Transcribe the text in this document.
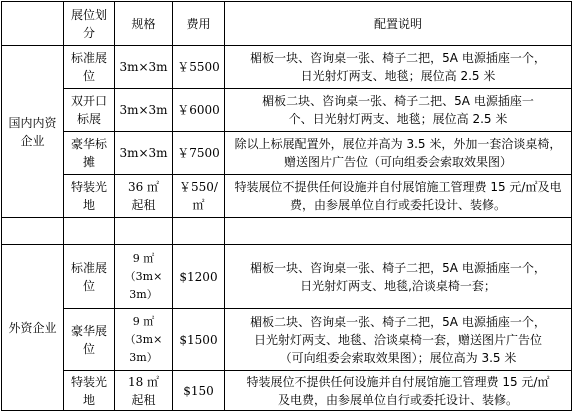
	展位划分	规格	费用	配置说明
国内内资企业	标准展位	3m×3m	￥5500	楣板一块、咨询桌一张、椅子二把，5A 电源插座一个，
日光射灯两支、地毯；展位高 2.5 米

	双开口标展	3m×3m	￥6000	楣板二块、咨询桌一张、椅子二把、5A 电源插座一
个、日光射灯两支、地毯；展位高 2.5 米

	豪华标摊	3m×3m	￥7500	除以上标展配置外，展位并高为 3.5 米，外加一套洽谈桌椅，
赠送图片广告位（可向组委会索取效果图）

	特装光地	36 ㎡
起租	￥550/
㎡	特装展位不提供任何设施并自付展馆施工管理费 15 元/㎡及电
费，由参展单位自行或委托设计、装修。

外资企业	标准展位	9 ㎡
（3m×
3m）	$1200	楣板一块、咨询桌一张、椅子二把，5A 电源插座一个，
日光射灯两支、地毯,洽谈桌椅一套；

	豪华展位	9 ㎡
（3m×
3m）	$1500	楣板二块、咨询桌一张、椅子二把，5A 电源插座一个，
日光射灯两支、地毯、洽谈桌椅一套，赠送图片广告位
（可向组委会索取效果图）；展位高为 3.5 米

	特装光地	18 ㎡
起租	$150	特装展位不提供任何设施并自付展馆施工管理费 15 元/㎡
及电费，由参展单位自行或委托设计、装修。
